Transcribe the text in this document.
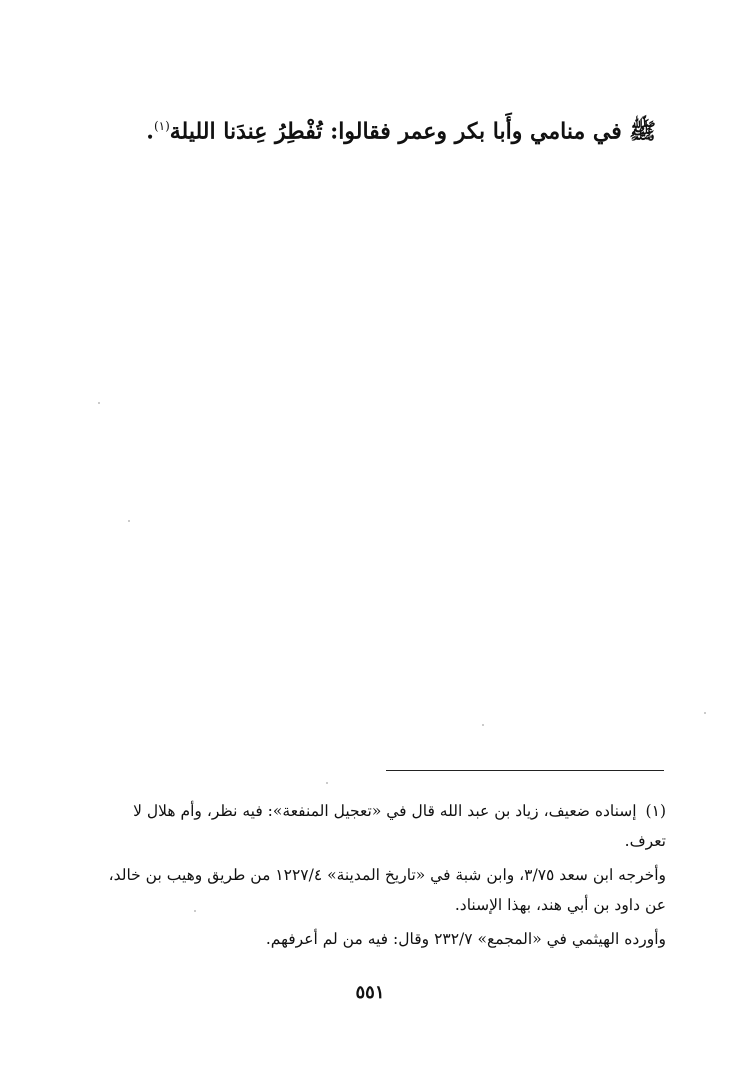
ﷺ في منامي وأَبا بكر وعمر فقالوا: تُفْطِرُ عِندَنا الليلة$^{(١)}$.

(١) إسناده ضعيف، زياد بن عبد الله قال في «تعجيل المنفعة»: فيه نظر، وأم هلال لا تعرف.

وأخرجه ابن سعد ٣/٧٥، وابن شبة في «تاريخ المدينة» ١٢٢٧/٤ من طريق وهيب بن خالد، عن داود بن أبي هند، بهذا الإسناد.

وأورده الهيثمي في «المجمع» ٢٣٢/٧ وقال: فيه من لم أعرفهم.

٥٥١
